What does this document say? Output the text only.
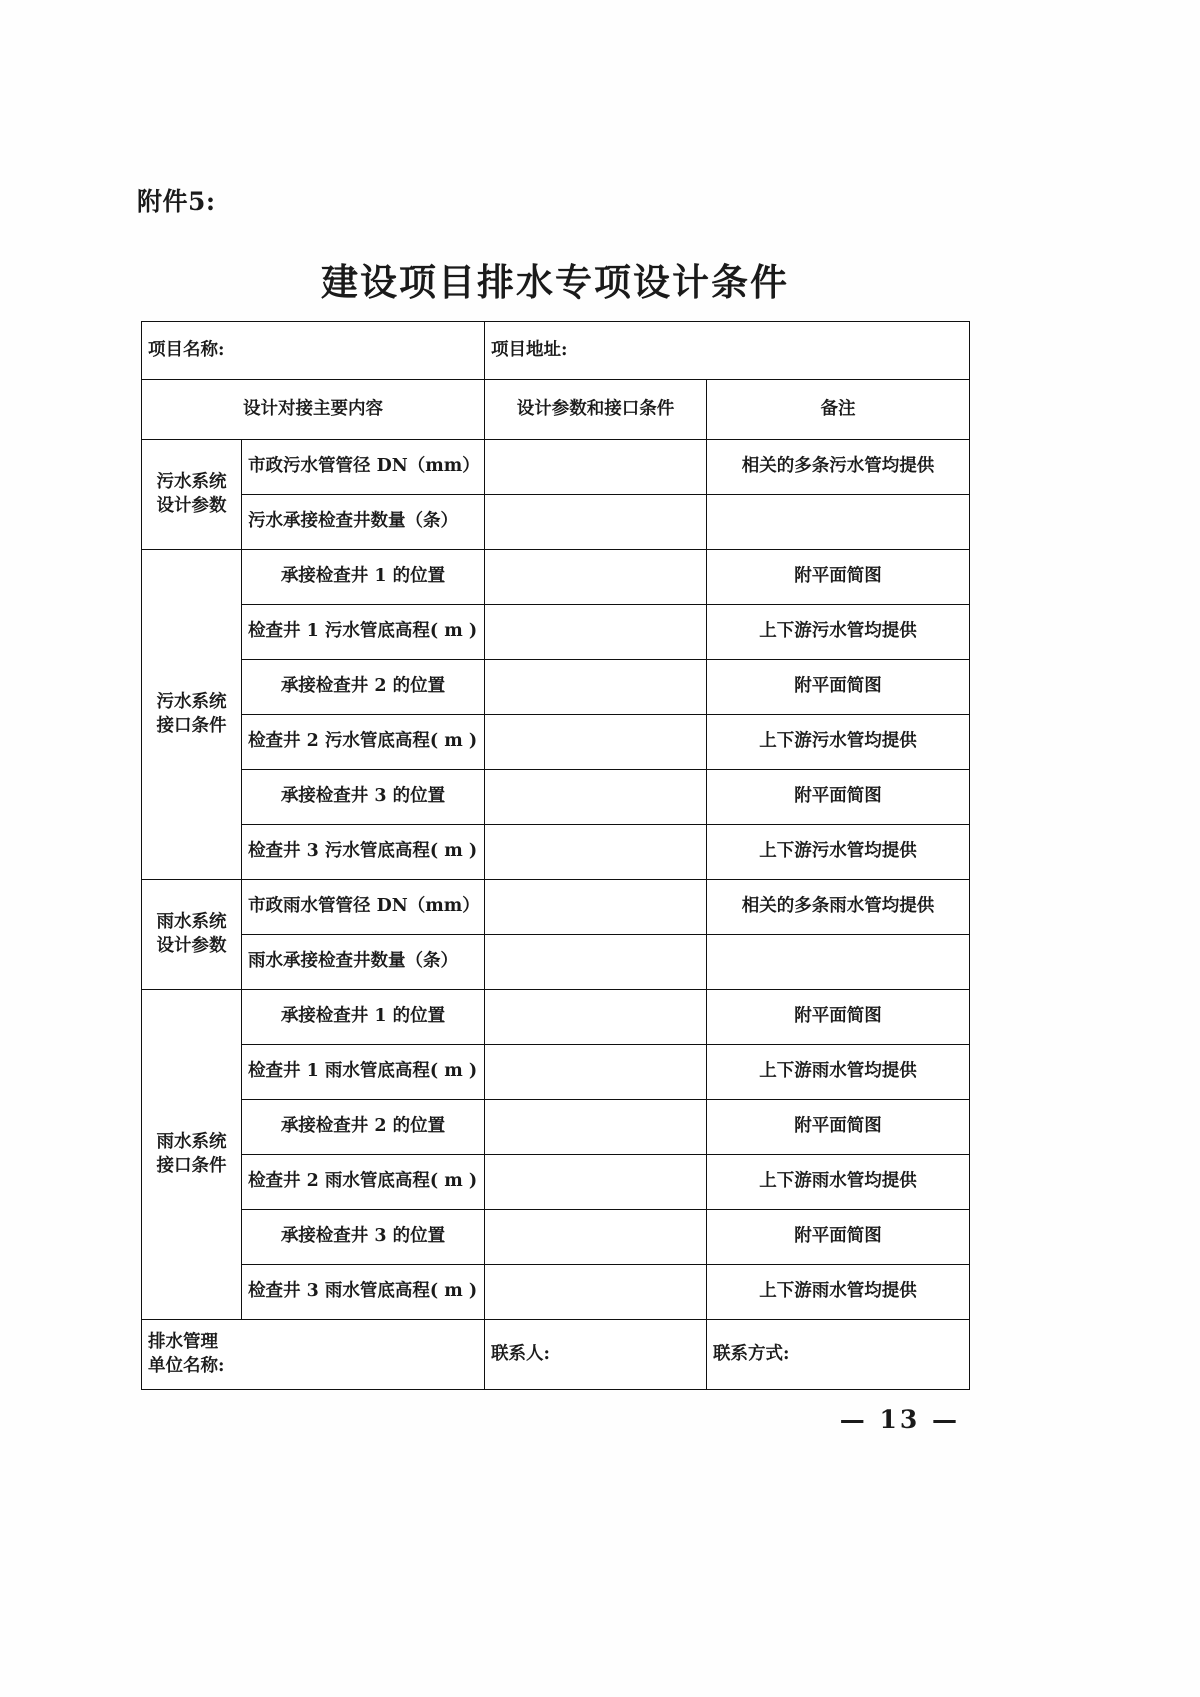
附件5:
建设项目排水专项设计条件
项目名称:		项目地址:	
设计对接主要内容		设计参数和接口条件	备注

污水系统
设计参数	市政污水管管径 DN（mm）		相关的多条污水管均提供
	污水承接检查井数量（条）		

污水系统
接口条件	承接检查井 1 的位置		附平面简图
	检查井 1 污水管底高程( m )		上下游污水管均提供
	承接检查井 2 的位置		附平面简图
	检查井 2 污水管底高程( m )		上下游污水管均提供
	承接检查井 3 的位置		附平面简图
	检查井 3 污水管底高程( m )		上下游污水管均提供

雨水系统
设计参数	市政雨水管管径 DN（mm）		相关的多条雨水管均提供
	雨水承接检查井数量（条）		

雨水系统
接口条件	承接检查井 1 的位置		附平面简图
	检查井 1 雨水管底高程( m )		上下游雨水管均提供
	承接检查井 2 的位置		附平面简图
	检查井 2 雨水管底高程( m )		上下游雨水管均提供
	承接检查井 3 的位置		附平面简图
	检查井 3 雨水管底高程( m )		上下游雨水管均提供

排水管理
单位名称:		联系人:	联系方式:
— 13 —
